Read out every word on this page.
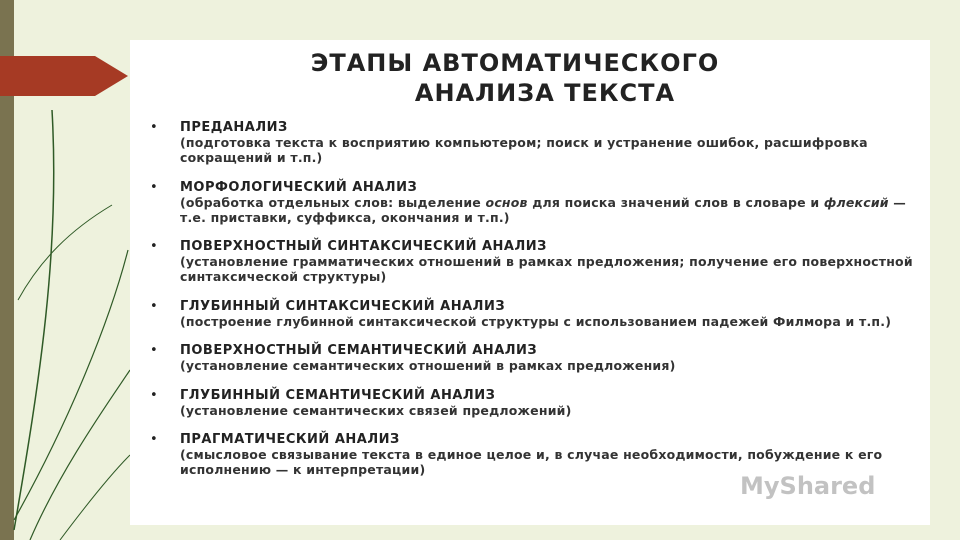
ЭТАПЫ АВТОМАТИЧЕСКОГО
АНАЛИЗА ТЕКСТА
• ПРЕДАНАЛИЗ
(подготовка текста к восприятию компьютером; поиск и устранение ошибок, расшифровка сокращений и т.п.)
• МОРФОЛОГИЧЕСКИЙ АНАЛИЗ
(обработка отдельных слов: выделение основ для поиска значений слов в словаре и флексий — т.е. приставки, суффикса, окончания и т.п.)
• ПОВЕРХНОСТНЫЙ СИНТАКСИЧЕСКИЙ АНАЛИЗ
(установление грамматических отношений в рамках предложения; получение его поверхностной синтаксической структуры)
• ГЛУБИННЫЙ СИНТАКСИЧЕСКИЙ АНАЛИЗ
(построение глубинной синтаксической структуры с использованием падежей Филмора и т.п.)
• ПОВЕРХНОСТНЫЙ СЕМАНТИЧЕСКИЙ АНАЛИЗ
(установление семантических отношений в рамках предложения)
• ГЛУБИННЫЙ СЕМАНТИЧЕСКИЙ АНАЛИЗ
(установление семантических связей предложений)
• ПРАГМАТИЧЕСКИЙ АНАЛИЗ
(смысловое связывание текста в единое целое и, в случае необходимости, побуждение к его исполнению — к интерпретации)
MyShared
